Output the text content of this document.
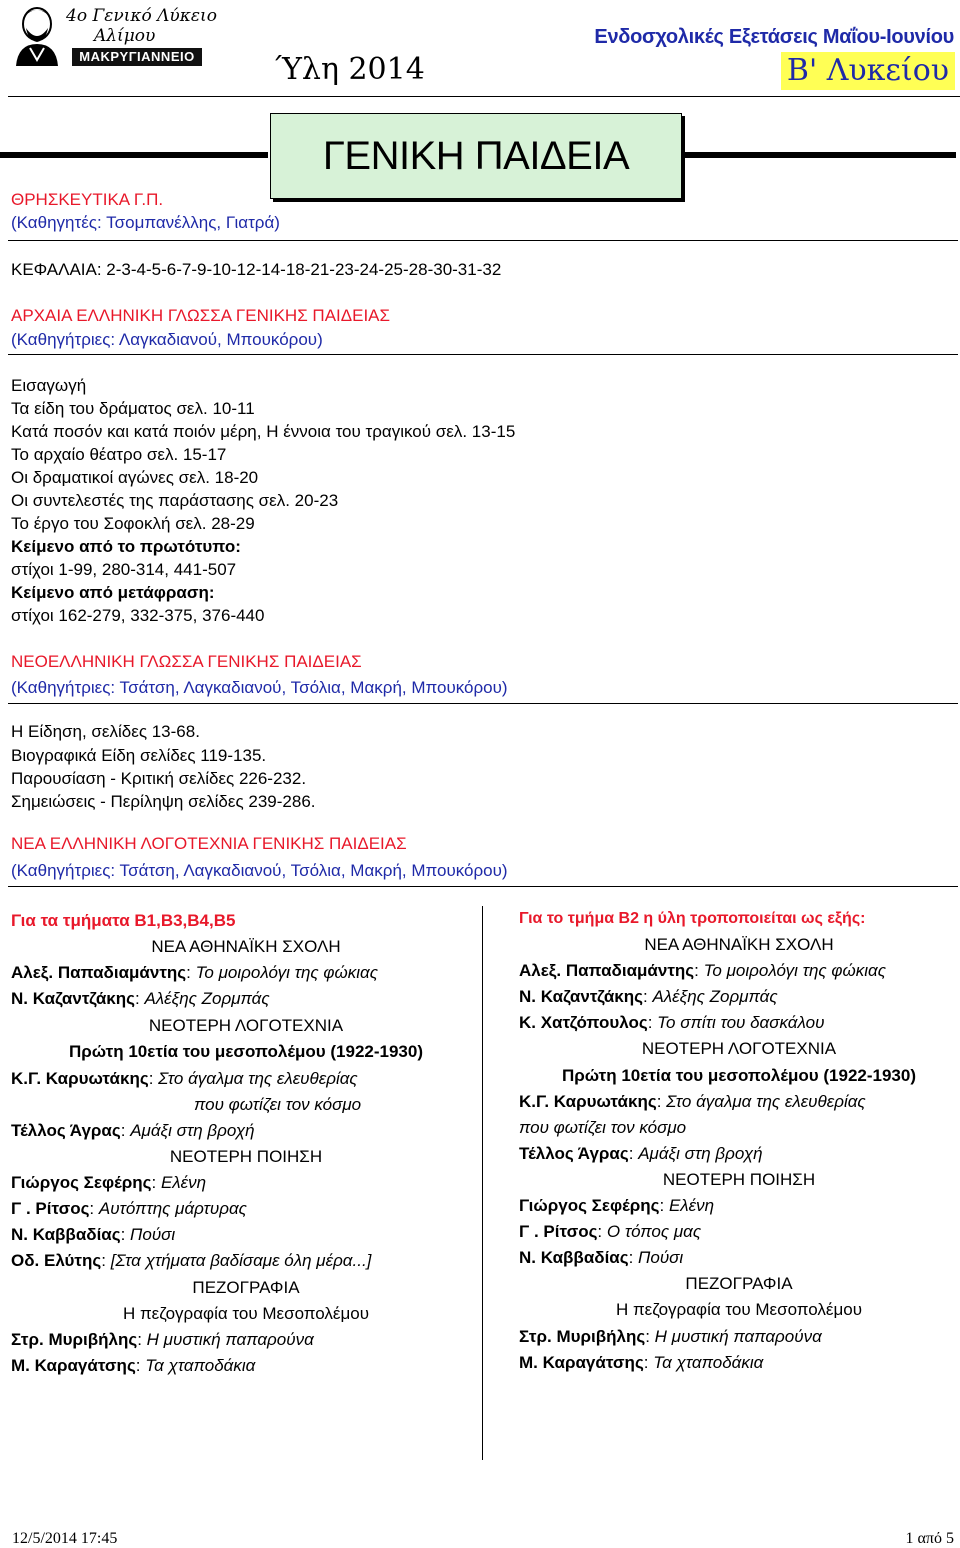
4ο Γενικό Λύκειο
Αλίμου
ΜΑΚΡΥΓΙΑΝΝΕΙΟ	Ύλη 2014
Ενδοσχολικές Εξετάσεις Μαΐου-Ιουνίου
Β' Λυκείου
ΓΕΝΙΚΗ ΠΑΙΔΕΙΑ
ΘΡΗΣΚΕΥΤΙΚΑ Γ.Π.
(Καθηγητές: Τσομπανέλλης, Γιατρά)
ΚΕΦΑΛΑΙΑ: 2-3-4-5-6-7-9-10-12-14-18-21-23-24-25-28-30-31-32
ΑΡΧΑΙΑ ΕΛΛΗΝΙΚΗ ΓΛΩΣΣΑ ΓΕΝΙΚΗΣ ΠΑΙΔΕΙΑΣ
(Καθηγήτριες: Λαγκαδιανού, Μπουκόρου)
Εισαγωγή
Τα είδη του δράματος σελ. 10-11
Κατά ποσόν και κατά ποιόν μέρη, Η έννοια του τραγικού σελ. 13-15
Το αρχαίο θέατρο σελ. 15-17
Οι δραματικοί αγώνες σελ. 18-20
Οι συντελεστές της παράστασης σελ. 20-23
Το έργο του Σοφοκλή σελ. 28-29
Κείμενο από το πρωτότυπο:
στίχοι 1-99, 280-314, 441-507
Κείμενο από μετάφραση:
στίχοι 162-279, 332-375, 376-440
ΝΕΟΕΛΛΗΝΙΚΗ ΓΛΩΣΣΑ ΓΕΝΙΚΗΣ ΠΑΙΔΕΙΑΣ
(Καθηγήτριες: Τσάτση, Λαγκαδιανού, Τσόλια, Μακρή, Μπουκόρου)
Η Είδηση, σελίδες 13-68.
Βιογραφικά Είδη σελίδες 119-135.
Παρουσίαση - Κριτική σελίδες 226-232.
Σημειώσεις - Περίληψη σελίδες 239-286.
ΝΕΑ ΕΛΛΗΝΙΚΗ ΛΟΓΟΤΕΧΝΙΑ ΓΕΝΙΚΗΣ ΠΑΙΔΕΙΑΣ
(Καθηγήτριες: Τσάτση, Λαγκαδιανού, Τσόλια, Μακρή, Μπουκόρου)
Για τα τμήματα Β1,Β3,Β4,Β5
ΝΕΑ ΑΘΗΝΑΪΚΗ ΣΧΟΛΗ
Αλεξ. Παπαδιαμάντης: Το μοιρολόγι της φώκιας
Ν. Καζαντζάκης: Αλέξης Ζορμπάς
ΝΕΟΤΕΡΗ ΛΟΓΟΤΕΧΝΙΑ
Πρώτη 10ετία του μεσοπολέμου (1922-1930)
Κ.Γ. Καρυωτάκης: Στο άγαλμα της ελευθερίας
που φωτίζει τον κόσμο
Τέλλος Άγρας: Αμάξι στη βροχή
ΝΕΟΤΕΡΗ ΠΟΙΗΣΗ
Γιώργος Σεφέρης: Ελένη
Γ . Ρίτσος: Αυτόπτης μάρτυρας
Ν. Καββαδίας: Πούσι
Οδ. Ελύτης: [Στα χτήματα βαδίσαμε όλη μέρα...]
ΠΕΖΟΓΡΑΦΙΑ
Η πεζογραφία του Μεσοπολέμου
Στρ. Μυριβήλης: Η μυστική παπαρούνα
Μ. Καραγάτσης: Τα χταποδάκια
Για το τμήμα Β2 η ύλη τροποποιείται ως εξής:
ΝΕΑ ΑΘΗΝΑΪΚΗ ΣΧΟΛΗ
Αλεξ. Παπαδιαμάντης: Το μοιρολόγι της φώκιας
Ν. Καζαντζάκης: Αλέξης Ζορμπάς
Κ. Χατζόπουλος: Το σπίτι του δασκάλου
ΝΕΟΤΕΡΗ ΛΟΓΟΤΕΧΝΙΑ
Πρώτη 10ετία του μεσοπολέμου (1922-1930)
Κ.Γ. Καρυωτάκης: Στο άγαλμα της ελευθερίας
που φωτίζει τον κόσμο
Τέλλος Άγρας: Αμάξι στη βροχή
ΝΕΟΤΕΡΗ ΠΟΙΗΣΗ
Γιώργος Σεφέρης: Ελένη
Γ . Ρίτσος: Ο τόπος μας
Ν. Καββαδίας: Πούσι
ΠΕΖΟΓΡΑΦΙΑ
Η πεζογραφία του Μεσοπολέμου
Στρ. Μυριβήλης: Η μυστική παπαρούνα
Μ. Καραγάτσης: Τα χταποδάκια
12/5/2014 17:45	1 από 5
